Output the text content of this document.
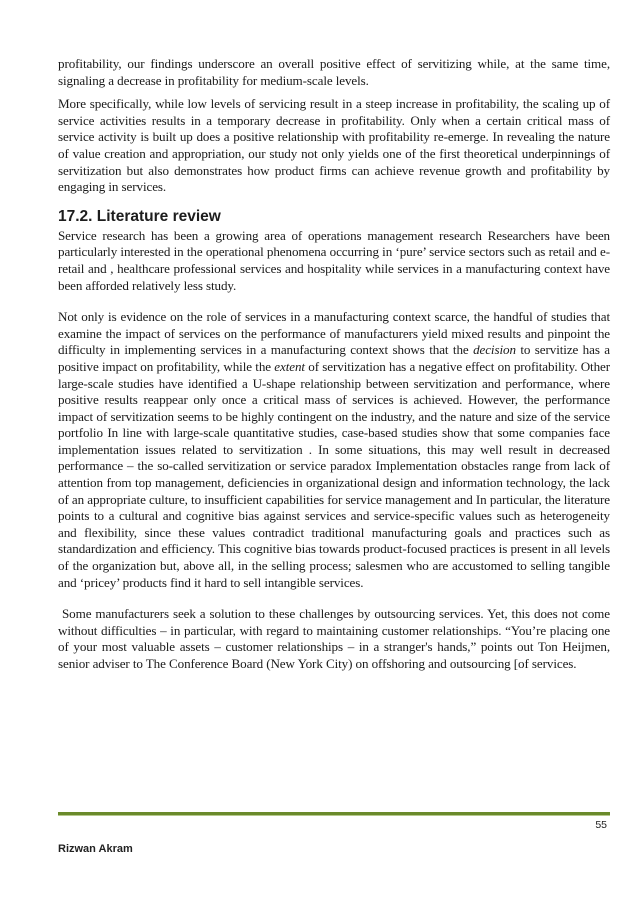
profitability, our findings underscore an overall positive effect of servitizing while, at the same time, signaling a decrease in profitability for medium-scale levels.

More specifically, while low levels of servicing result in a steep increase in profitability, the scaling up of service activities results in a temporary decrease in profitability. Only when a certain critical mass of service activity is built up does a positive relationship with profitability re-emerge. In revealing the nature of value creation and appropriation, our study not only yields one of the first theoretical underpinnings of servitization but also demonstrates how product firms can achieve revenue growth and profitability by engaging in services.

17.2. Literature review

Service research has been a growing area of operations management research Researchers have been particularly interested in the operational phenomena occurring in ‘pure’ service sectors such as retail and e-retail and , healthcare professional services and hospitality while services in a manufacturing context have been afforded relatively less study.

Not only is evidence on the role of services in a manufacturing context scarce, the handful of studies that examine the impact of services on the performance of manufacturers yield mixed results and pinpoint the difficulty in implementing services in a manufacturing context shows that the decision to servitize has a positive impact on profitability, while the extent of servitization has a negative effect on profitability. Other large-scale studies have identified a U-shape relationship between servitization and performance, where positive results reappear only once a critical mass of services is achieved. However, the performance impact of servitization seems to be highly contingent on the industry, and the nature and size of the service portfolio In line with large-scale quantitative studies, case-based studies show that some companies face implementation issues related to servitization . In some situations, this may well result in decreased performance – the so-called servitization or service paradox Implementation obstacles range from lack of attention from top management, deficiencies in organizational design and information technology, the lack of an appropriate culture, to insufficient capabilities for service management and In particular, the literature points to a cultural and cognitive bias against services and service-specific values such as heterogeneity and flexibility, since these values contradict traditional manufacturing goals and practices such as standardization and efficiency. This cognitive bias towards product-focused practices is present in all levels of the organization but, above all, in the selling process; salesmen who are accustomed to selling tangible and ‘pricey’ products find it hard to sell intangible services.

Some manufacturers seek a solution to these challenges by outsourcing services. Yet, this does not come without difficulties – in particular, with regard to maintaining customer relationships. “You’re placing one of your most valuable assets – customer relationships – in a stranger's hands,” points out Ton Heijmen, senior adviser to The Conference Board (New York City) on offshoring and outsourcing [of services.

55
Rizwan Akram
